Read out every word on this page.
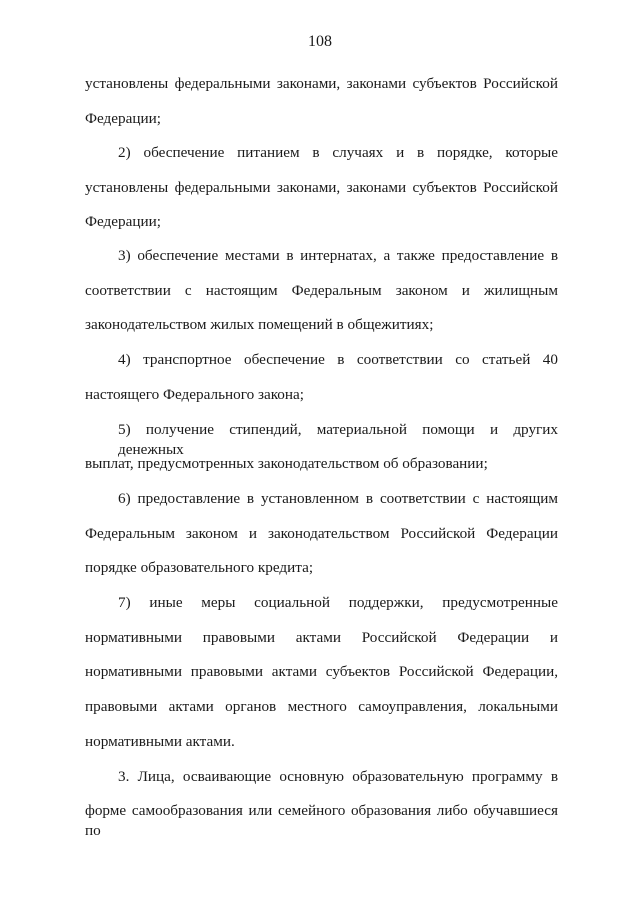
108
установлены федеральными законами, законами субъектов Российской
Федерации;
2) обеспечение питанием в случаях и в порядке, которые
установлены федеральными законами, законами субъектов Российской
Федерации;
3) обеспечение местами в интернатах, а также предоставление в
соответствии с настоящим Федеральным законом и жилищным
законодательством жилых помещений в общежитиях;
4) транспортное обеспечение в соответствии со статьей 40
настоящего Федерального закона;
5) получение стипендий, материальной помощи и других денежных
выплат, предусмотренных законодательством об образовании;
6) предоставление в установленном в соответствии с настоящим
Федеральным законом и законодательством Российской Федерации
порядке образовательного кредита;
7) иные меры социальной поддержки, предусмотренные
нормативными правовыми актами Российской Федерации и
нормативными правовыми актами субъектов Российской Федерации,
правовыми актами органов местного самоуправления, локальными
нормативными актами.
3. Лица, осваивающие основную образовательную программу в
форме самообразования или семейного образования либо обучавшиеся по
